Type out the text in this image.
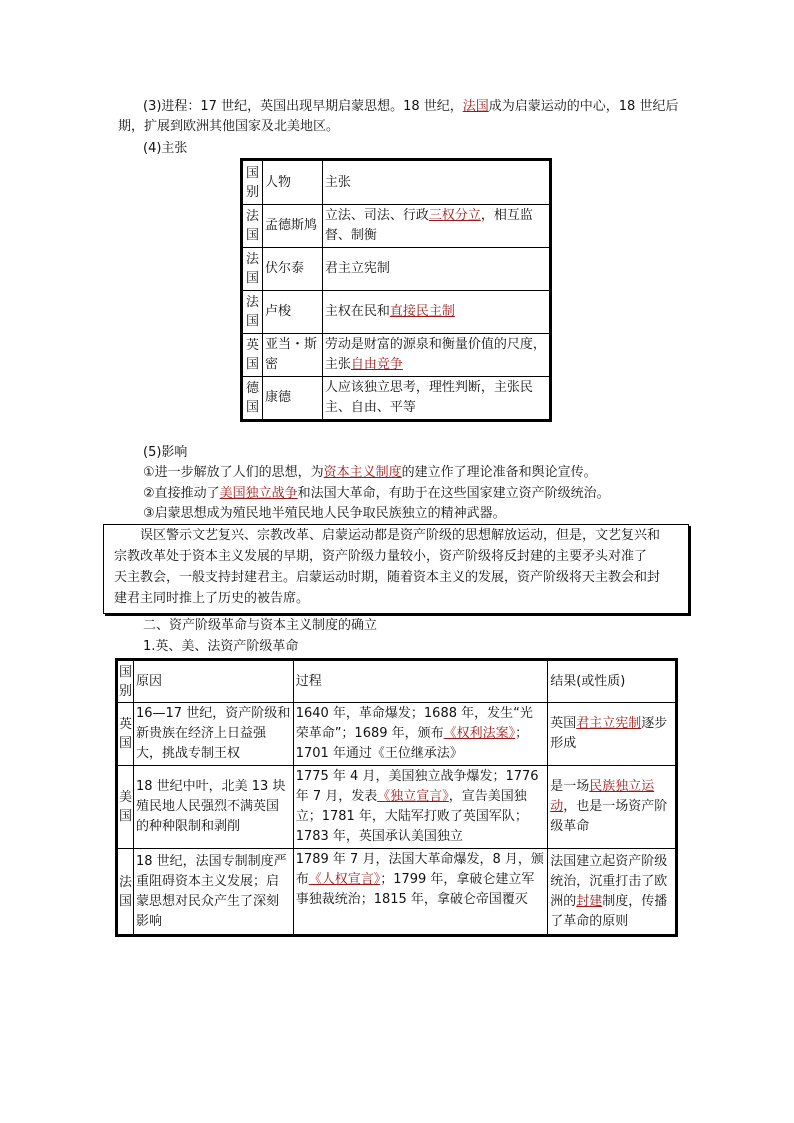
(3)进程：17 世纪，英国出现早期启蒙思想。18 世纪，法国成为启蒙运动的中心，18 世纪后
期，扩展到欧洲其他国家及北美地区。
(4)主张
国别	人物	主张
法国	孟德斯鸠	立法、司法、行政三权分立，相互监督、制衡
法国	伏尔泰	君主立宪制
法国	卢梭	主权在民和直接民主制
英国	亚当・斯密	劳动是财富的源泉和衡量价值的尺度，主张自由竞争
德国	康德	人应该独立思考，理性判断，主张民主、自由、平等
(5)影响
①进一步解放了人们的思想，为资本主义制度的建立作了理论准备和舆论宣传。
②直接推动了美国独立战争和法国大革命，有助于在这些国家建立资产阶级统治。
③启蒙思想成为殖民地半殖民地人民争取民族独立的精神武器。
误区警示文艺复兴、宗教改革、启蒙运动都是资产阶级的思想解放运动，但是，文艺复兴和
宗教改革处于资本主义发展的早期，资产阶级力量较小，资产阶级将反封建的主要矛头对准了
天主教会，一般支持封建君主。启蒙运动时期，随着资本主义的发展，资产阶级将天主教会和封
建君主同时推上了历史的被告席。
二、资产阶级革命与资本主义制度的确立
1.英、美、法资产阶级革命
国别	原因	过程	结果(或性质)
英国	16—17 世纪，资产阶级和新贵族在经济上日益强大，挑战专制王权	1640 年，革命爆发；1688 年，发生“光荣革命”；1689 年，颁布《权利法案》；1701 年通过《王位继承法》	英国君主立宪制逐步形成
美国	18 世纪中叶，北美 13 块殖民地人民强烈不满英国的种种限制和剥削	1775 年 4 月，美国独立战争爆发；1776 年 7 月，发表《独立宣言》，宣告美国独立；1781 年，大陆军打败了英国军队；1783 年，英国承认美国独立	是一场民族独立运动，也是一场资产阶级革命
法国	18 世纪，法国专制制度严重阻碍资本主义发展；启蒙思想对民众产生了深刻影响	1789 年 7 月，法国大革命爆发，8 月，颁布《人权宣言》；1799 年，拿破仑建立军事独裁统治；1815 年，拿破仑帝国覆灭	法国建立起资产阶级统治，沉重打击了欧洲的封建制度，传播了革命的原则
